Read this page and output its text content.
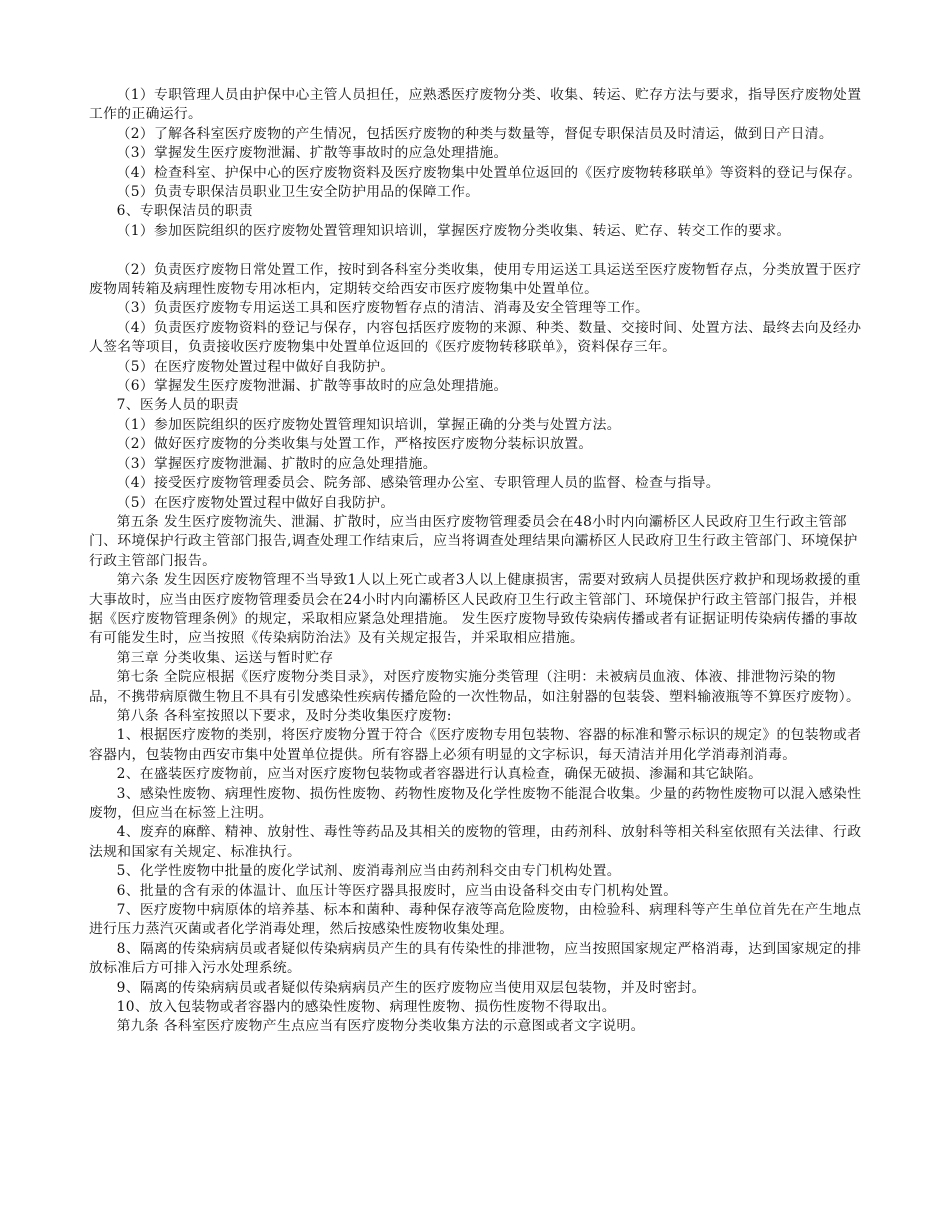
（1）专职管理人员由护保中心主管人员担任，应熟悉医疗废物分类、收集、转运、贮存方法与要求，指导医疗废物处置工作的正确运行。

（2）了解各科室医疗废物的产生情况，包括医疗废物的种类与数量等，督促专职保洁员及时清运，做到日产日清。

（3）掌握发生医疗废物泄漏、扩散等事故时的应急处理措施。

（4）检查科室、护保中心的医疗废物资料及医疗废物集中处置单位返回的《医疗废物转移联单》等资料的登记与保存。

（5）负责专职保洁员职业卫生安全防护用品的保障工作。

6、专职保洁员的职责

（1）参加医院组织的医疗废物处置管理知识培训，掌握医疗废物分类收集、转运、贮存、转交工作的要求。

（2）负责医疗废物日常处置工作，按时到各科室分类收集，使用专用运送工具运送至医疗废物暂存点，分类放置于医疗废物周转箱及病理性废物专用冰柜内，定期转交给西安市医疗废物集中处置单位。

（3）负责医疗废物专用运送工具和医疗废物暂存点的清洁、消毒及安全管理等工作。

（4）负责医疗废物资料的登记与保存，内容包括医疗废物的来源、种类、数量、交接时间、处置方法、最终去向及经办人签名等项目，负责接收医疗废物集中处置单位返回的《医疗废物转移联单》，资料保存三年。

（5）在医疗废物处置过程中做好自我防护。

（6）掌握发生医疗废物泄漏、扩散等事故时的应急处理措施。

7、医务人员的职责

（1）参加医院组织的医疗废物处置管理知识培训，掌握正确的分类与处置方法。

（2）做好医疗废物的分类收集与处置工作，严格按医疗废物分装标识放置。

（3）掌握医疗废物泄漏、扩散时的应急处理措施。

（4）接受医疗废物管理委员会、院务部、感染管理办公室、专职管理人员的监督、检查与指导。

（5）在医疗废物处置过程中做好自我防护。

第五条 发生医疗废物流失、泄漏、扩散时，应当由医疗废物管理委员会在48小时内向灞桥区人民政府卫生行政主管部门、环境保护行政主管部门报告,调查处理工作结束后，应当将调查处理结果向灞桥区人民政府卫生行政主管部门、环境保护行政主管部门报告。

第六条 发生因医疗废物管理不当导致1人以上死亡或者3人以上健康损害，需要对致病人员提供医疗救护和现场救援的重大事故时，应当由医疗废物管理委员会在24小时内向灞桥区人民政府卫生行政主管部门、环境保护行政主管部门报告，并根据《医疗废物管理条例》的规定，采取相应紧急处理措施。 发生医疗废物导致传染病传播或者有证据证明传染病传播的事故有可能发生时，应当按照《传染病防治法》及有关规定报告，并采取相应措施。

第三章 分类收集、运送与暂时贮存

第七条 全院应根据《医疗废物分类目录》，对医疗废物实施分类管理（注明：未被病员血液、体液、排泄物污染的物品，不携带病原微生物且不具有引发感染性疾病传播危险的一次性物品，如注射器的包装袋、塑料输液瓶等不算医疗废物）。

第八条 各科室按照以下要求，及时分类收集医疗废物:

1、根据医疗废物的类别，将医疗废物分置于符合《医疗废物专用包装物、容器的标准和警示标识的规定》的包装物或者容器内，包装物由西安市集中处置单位提供。所有容器上必须有明显的文字标识，每天清洁并用化学消毒剂消毒。

2、在盛装医疗废物前，应当对医疗废物包装物或者容器进行认真检查，确保无破损、渗漏和其它缺陷。

3、感染性废物、病理性废物、损伤性废物、药物性废物及化学性废物不能混合收集。少量的药物性废物可以混入感染性废物，但应当在标签上注明。

4、废弃的麻醉、精神、放射性、毒性等药品及其相关的废物的管理，由药剂科、放射科等相关科室依照有关法律、行政法规和国家有关规定、标准执行。

5、化学性废物中批量的废化学试剂、废消毒剂应当由药剂科交由专门机构处置。

6、批量的含有汞的体温计、血压计等医疗器具报废时，应当由设备科交由专门机构处置。

7、医疗废物中病原体的培养基、标本和菌种、毒种保存液等高危险废物，由检验科、病理科等产生单位首先在产生地点进行压力蒸汽灭菌或者化学消毒处理，然后按感染性废物收集处理。

8、隔离的传染病病员或者疑似传染病病员产生的具有传染性的排泄物，应当按照国家规定严格消毒，达到国家规定的排放标准后方可排入污水处理系统。

9、隔离的传染病病员或者疑似传染病病员产生的医疗废物应当使用双层包装物，并及时密封。

10、放入包装物或者容器内的感染性废物、病理性废物、损伤性废物不得取出。

第九条 各科室医疗废物产生点应当有医疗废物分类收集方法的示意图或者文字说明。
